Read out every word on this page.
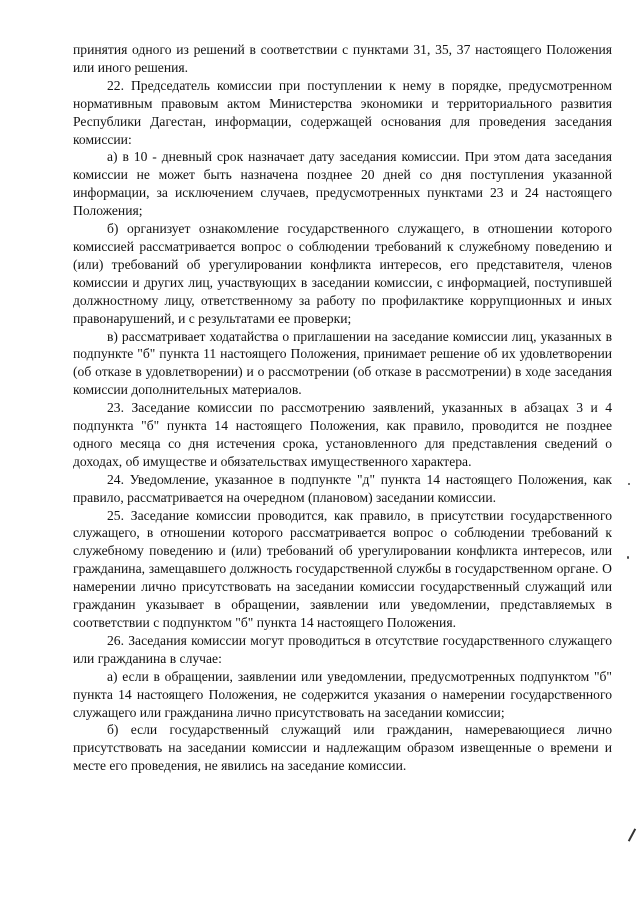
принятия одного из решений в соответствии с пунктами 31, 35, 37 настоящего Положения или иного решения.

22. Председатель комиссии при поступлении к нему в порядке, предусмотренном нормативным правовым актом Министерства экономики и территориального развития Республики Дагестан, информации, содержащей основания для проведения заседания комиссии:

а) в 10 - дневный срок назначает дату заседания комиссии. При этом дата заседания комиссии не может быть назначена позднее 20 дней со дня поступления указанной информации, за исключением случаев, предусмотренных пунктами 23 и 24 настоящего Положения;

б) организует ознакомление государственного служащего, в отношении которого комиссией рассматривается вопрос о соблюдении требований к служебному поведению и (или) требований об урегулировании конфликта интересов, его представителя, членов комиссии и других лиц, участвующих в заседании комиссии, с информацией, поступившей должностному лицу, ответственному за работу по профилактике коррупционных и иных правонарушений, и с результатами ее проверки;

в) рассматривает ходатайства о приглашении на заседание комиссии лиц, указанных в подпункте "б" пункта 11 настоящего Положения, принимает решение об их удовлетворении (об отказе в удовлетворении) и о рассмотрении (об отказе в рассмотрении) в ходе заседания комиссии дополнительных материалов.

23. Заседание комиссии по рассмотрению заявлений, указанных в абзацах 3 и 4 подпункта "б" пункта 14 настоящего Положения, как правило, проводится не позднее одного месяца со дня истечения срока, установленного для представления сведений о доходах, об имуществе и обязательствах имущественного характера.

24. Уведомление, указанное в подпункте "д" пункта 14 настоящего Положения, как правило, рассматривается на очередном (плановом) заседании комиссии.

25. Заседание комиссии проводится, как правило, в присутствии государственного служащего, в отношении которого рассматривается вопрос о соблюдении требований к служебному поведению и (или) требований об урегулировании конфликта интересов, или гражданина, замещавшего должность государственной службы в государственном органе. О намерении лично присутствовать на заседании комиссии государственный служащий или гражданин указывает в обращении, заявлении или уведомлении, представляемых в соответствии с подпунктом "б" пункта 14 настоящего Положения.

26. Заседания комиссии могут проводиться в отсутствие государственного служащего или гражданина в случае:

а) если в обращении, заявлении или уведомлении, предусмотренных подпунктом "б" пункта 14 настоящего Положения, не содержится указания о намерении государственного служащего или гражданина лично присутствовать на заседании комиссии;

б) если государственный служащий или гражданин, намеревающиеся лично присутствовать на заседании комиссии и надлежащим образом извещенные о времени и месте его проведения, не явились на заседание комиссии.
